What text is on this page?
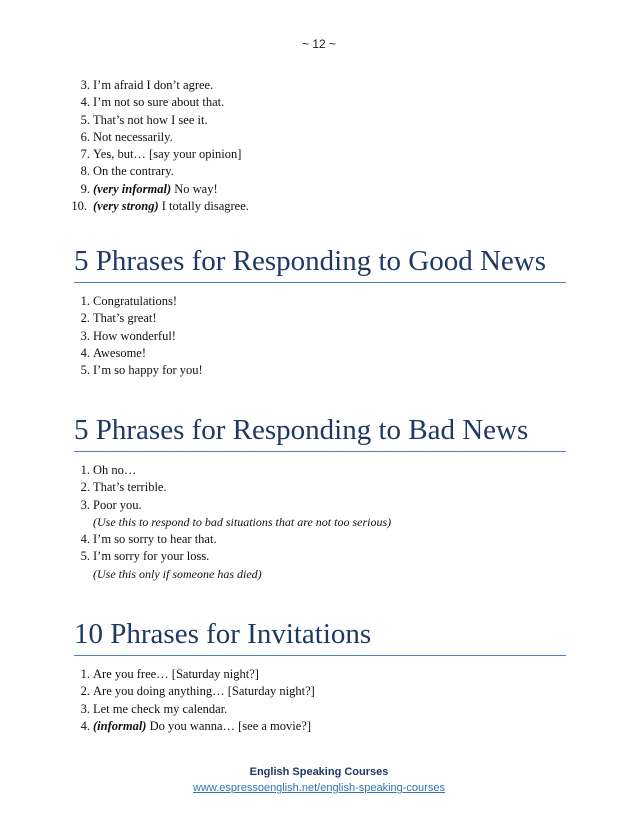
~ 12 ~
3. I’m afraid I don’t agree.
4. I’m not so sure about that.
5. That’s not how I see it.
6. Not necessarily.
7. Yes, but… [say your opinion]
8. On the contrary.
9. (very informal) No way!
10. (very strong) I totally disagree.
5 Phrases for Responding to Good News
1. Congratulations!
2. That’s great!
3. How wonderful!
4. Awesome!
5. I’m so happy for you!
5 Phrases for Responding to Bad News
1. Oh no…
2. That’s terrible.
3. Poor you.
(Use this to respond to bad situations that are not too serious)
4. I’m so sorry to hear that.
5. I’m sorry for your loss.
(Use this only if someone has died)
10 Phrases for Invitations
1. Are you free… [Saturday night?]
2. Are you doing anything… [Saturday night?]
3. Let me check my calendar.
4. (informal) Do you wanna… [see a movie?]
English Speaking Courses
www.espressoenglish.net/english-speaking-courses
